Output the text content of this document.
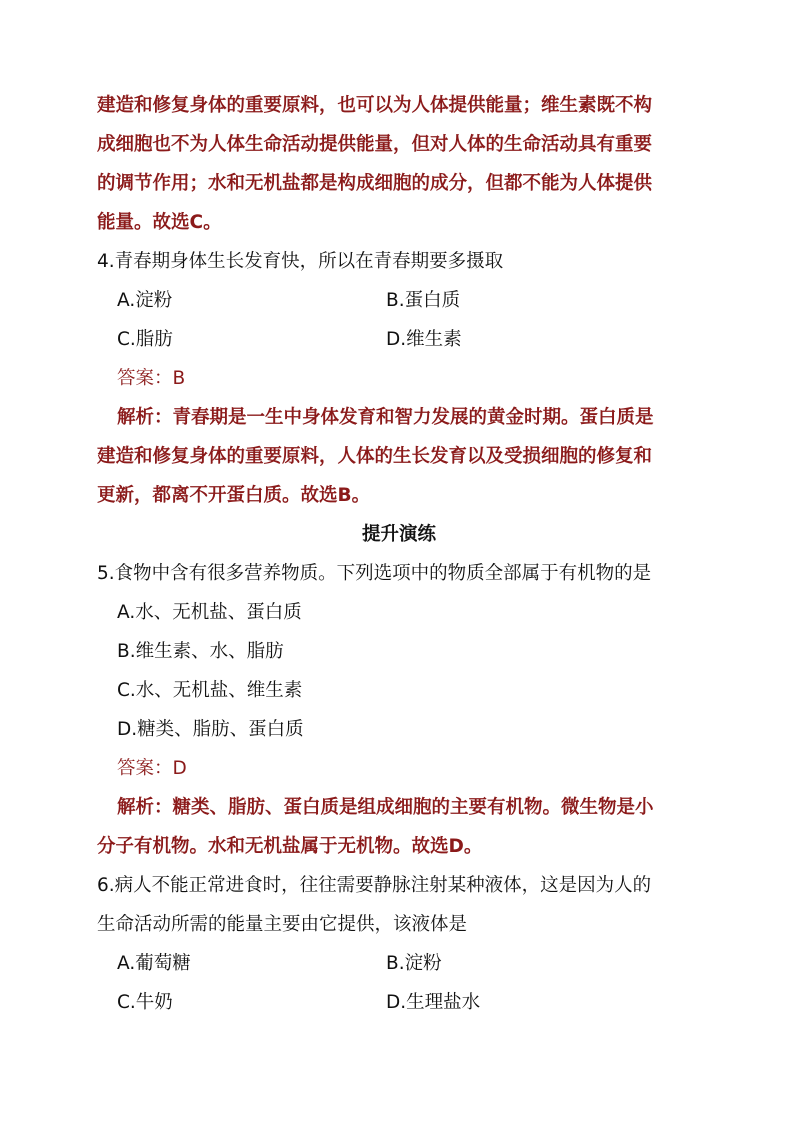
建造和修复身体的重要原料，也可以为人体提供能量；维生素既不构
成细胞也不为人体生命活动提供能量，但对人体的生命活动具有重要
的调节作用；水和无机盐都是构成细胞的成分，但都不能为人体提供
能量。故选C。
4.青春期身体生长发育快，所以在青春期要多摄取
A.淀粉	B.蛋白质
C.脂肪	D.维生素
答案：B
解析：青春期是一生中身体发育和智力发展的黄金时期。蛋白质是
建造和修复身体的重要原料，人体的生长发育以及受损细胞的修复和
更新，都离不开蛋白质。故选B。
提升演练
5.食物中含有很多营养物质。下列选项中的物质全部属于有机物的是
A.水、无机盐、蛋白质
B.维生素、水、脂肪
C.水、无机盐、维生素
D.糖类、脂肪、蛋白质
答案：D
解析：糖类、脂肪、蛋白质是组成细胞的主要有机物。微生物是小
分子有机物。水和无机盐属于无机物。故选D。
6.病人不能正常进食时，往往需要静脉注射某种液体，这是因为人的
生命活动所需的能量主要由它提供，该液体是
A.葡萄糖	B.淀粉
C.牛奶	D.生理盐水
